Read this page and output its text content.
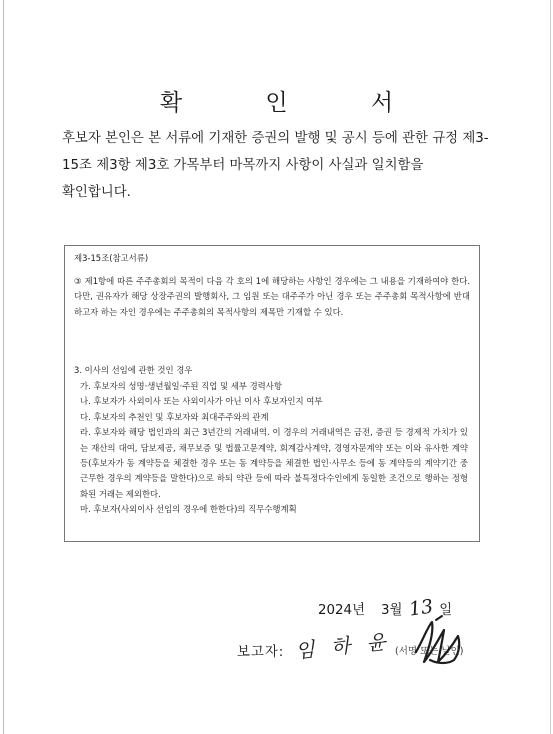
확 인 서
후보자 본인은 본 서류에 기재한 증권의 발행 및 공시 등에 관한 규정 제3-15조 제3항 제3호 가목부터 마목까지 사항이 사실과 일치함을 확인합니다.
제3-15조(참고서류)
③ 제1항에 따른 주주총회의 목적이 다음 각 호의 1에 해당하는 사항인 경우에는 그 내용을 기재하여야 한다. 다만, 권유자가 해당 상장주권의 발행회사, 그 임원 또는 대주주가 아닌 경우 또는 주주총회 목적사항에 반대하고자 하는 자인 경우에는 주주총회의 목적사항의 제목만 기재할 수 있다.
3. 이사의 선임에 관한 것인 경우
가. 후보자의 성명·생년월일·주된 직업 및 세부 경력사항
나. 후보자가 사외이사 또는 사외이사가 아닌 이사 후보자인지 여부
다. 후보자의 추천인 및 후보자와 최대주주와의 관계
라. 후보자와 해당 법인과의 최근 3년간의 거래내역. 이 경우의 거래내역은 금전, 증권 등 경제적 가치가 있는 재산의 대여, 담보제공, 채무보증 및 법률고문계약, 회계감사계약, 경영자문계약 또는 이와 유사한 계약등(후보자가 동 계약등을 체결한 경우 또는 동 계약등을 체결한 법인·사무소 등에 동 계약등의 계약기간 중 근무한 경우의 계약등을 말한다)으로 하되 약관 등에 따라 불특정다수인에게 동일한 조건으로 행하는 정형화된 거래는 제외한다.
마. 후보자(사외이사 선임의 경우에 한한다)의 직무수행계획
2024년 3월 13 일
보고자: 임 하 윤 (서명 또는 날인)
